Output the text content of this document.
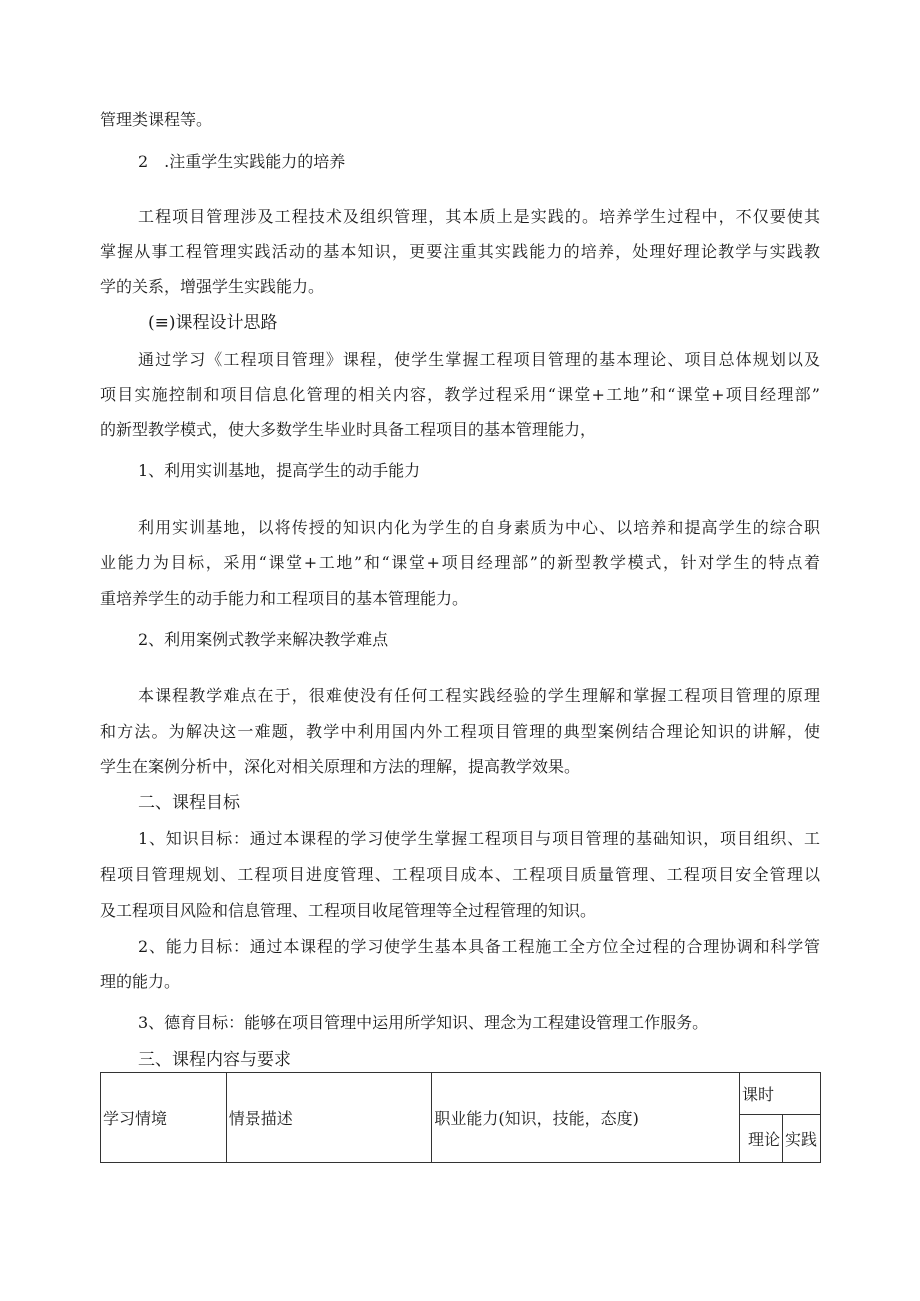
管理类课程等。
2　.注重学生实践能力的培养
工程项目管理涉及工程技术及组织管理，其本质上是实践的。培养学生过程中，不仅要使其
掌握从事工程管理实践活动的基本知识，更要注重其实践能力的培养，处理好理论教学与实践教
学的关系，增强学生实践能力。
(≡)课程设计思路
通过学习《工程项目管理》课程，使学生掌握工程项目管理的基本理论、项目总体规划以及
项目实施控制和项目信息化管理的相关内容，教学过程采用“课堂+工地”和“课堂+项目经理部”
的新型教学模式，使大多数学生毕业时具备工程项目的基本管理能力，
1、利用实训基地，提高学生的动手能力
利用实训基地，以将传授的知识内化为学生的自身素质为中心、以培养和提高学生的综合职
业能力为目标，采用“课堂+工地”和“课堂+项目经理部”的新型教学模式，针对学生的特点着
重培养学生的动手能力和工程项目的基本管理能力。
2、利用案例式教学来解决教学难点
本课程教学难点在于，很难使没有任何工程实践经验的学生理解和掌握工程项目管理的原理
和方法。为解决这一难题，教学中利用国内外工程项目管理的典型案例结合理论知识的讲解，使
学生在案例分析中，深化对相关原理和方法的理解，提高教学效果。
二、课程目标
1、知识目标：通过本课程的学习使学生掌握工程项目与项目管理的基础知识，项目组织、工
程项目管理规划、工程项目进度管理、工程项目成本、工程项目质量管理、工程项目安全管理以
及工程项目风险和信息管理、工程项目收尾管理等全过程管理的知识。
2、能力目标：通过本课程的学习使学生基本具备工程施工全方位全过程的合理协调和科学管
理的能力。
3、德育目标：能够在项目管理中运用所学知识、理念为工程建设管理工作服务。
三、课程内容与要求
学习情境	情景描述	职业能力(知识，技能，态度)	课时	
			理论	实践
